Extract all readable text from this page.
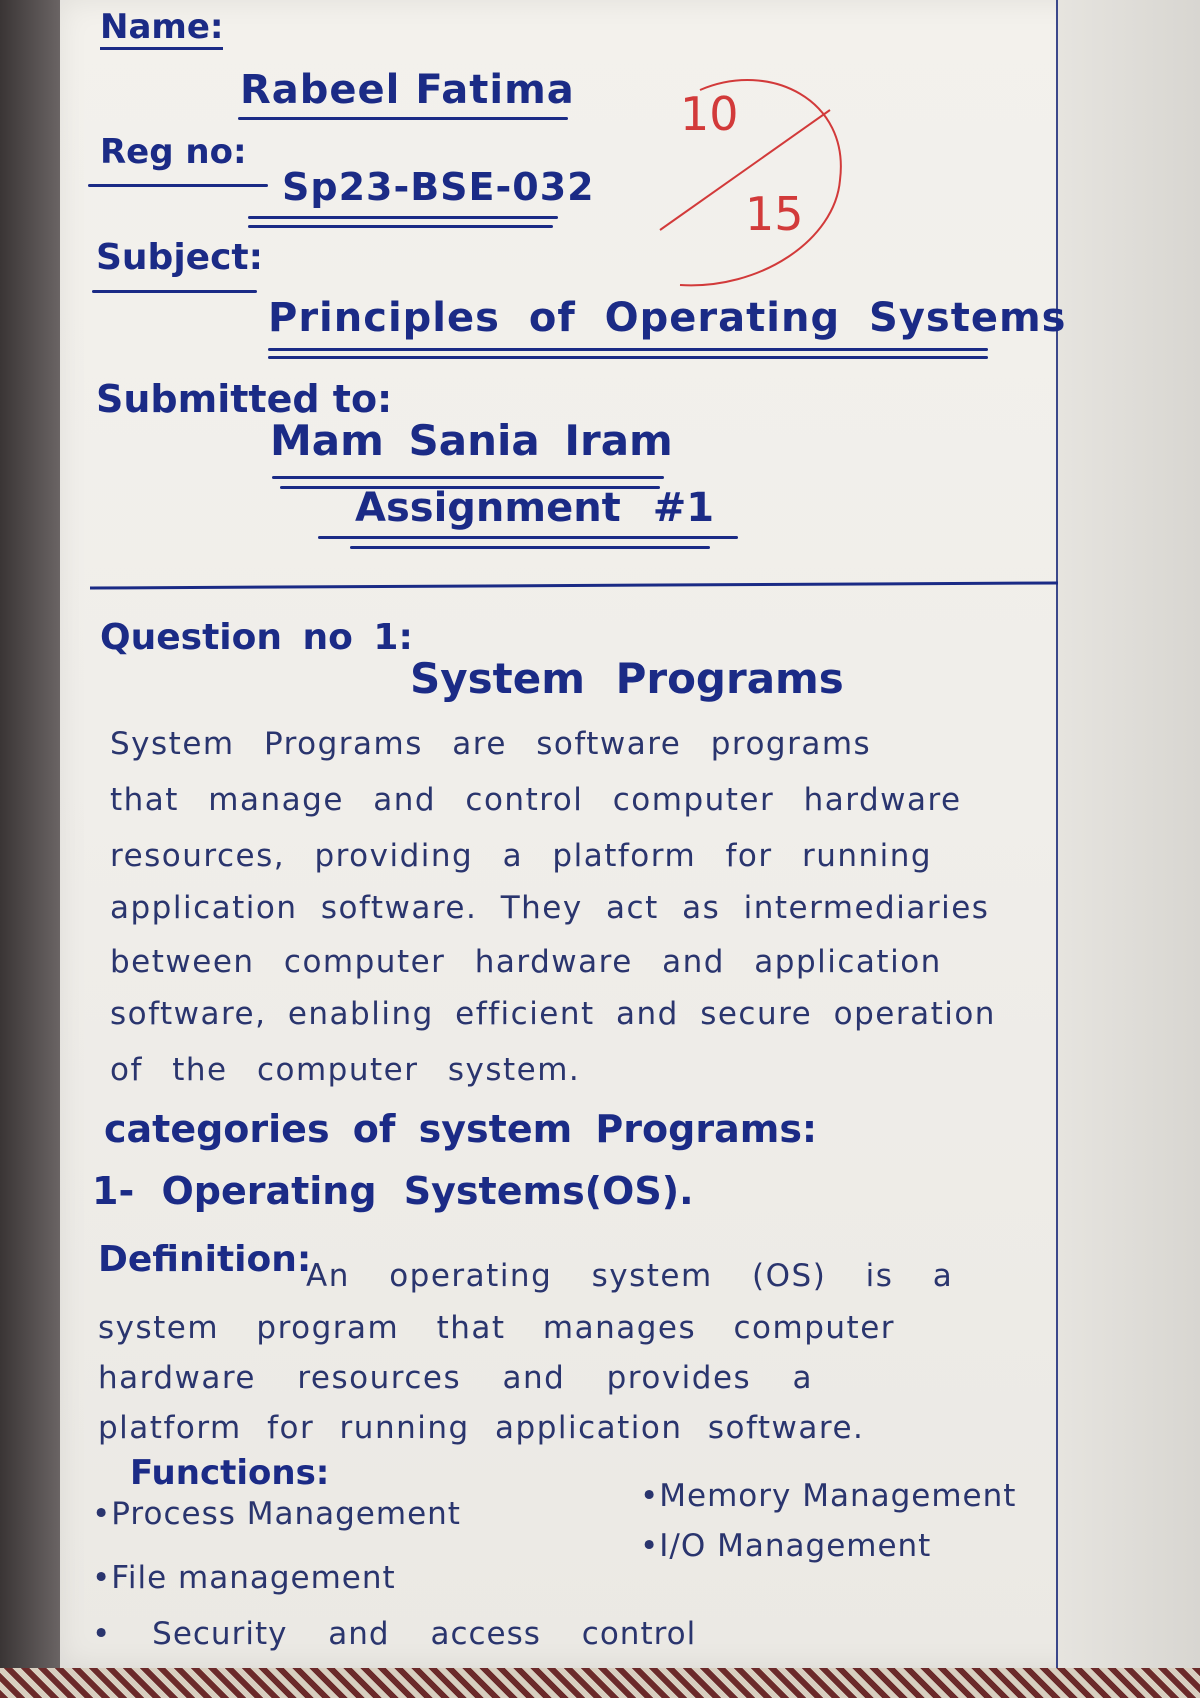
Name:
Rabeel Fatima
Reg no:
Sp23-BSE-032
Subject:
Principles of Operating Systems
Submitted to:
Mam Sania Iram
Assignment #1
10
15
Question no 1:
System Programs
System Programs are software programs
that manage and control computer hardware
resources, providing a platform for running
application software. They act as intermediaries
between computer hardware and application
software, enabling efficient and secure operation
of the computer system.
categories of system Programs:
1- Operating Systems(OS).
Definition:
An operating system (OS) is a
system program that manages computer
hardware resources and provides a
platform for running application software.
Functions:
•Process Management	•Memory Management
•File management
•I/O Management
• Security and access control
